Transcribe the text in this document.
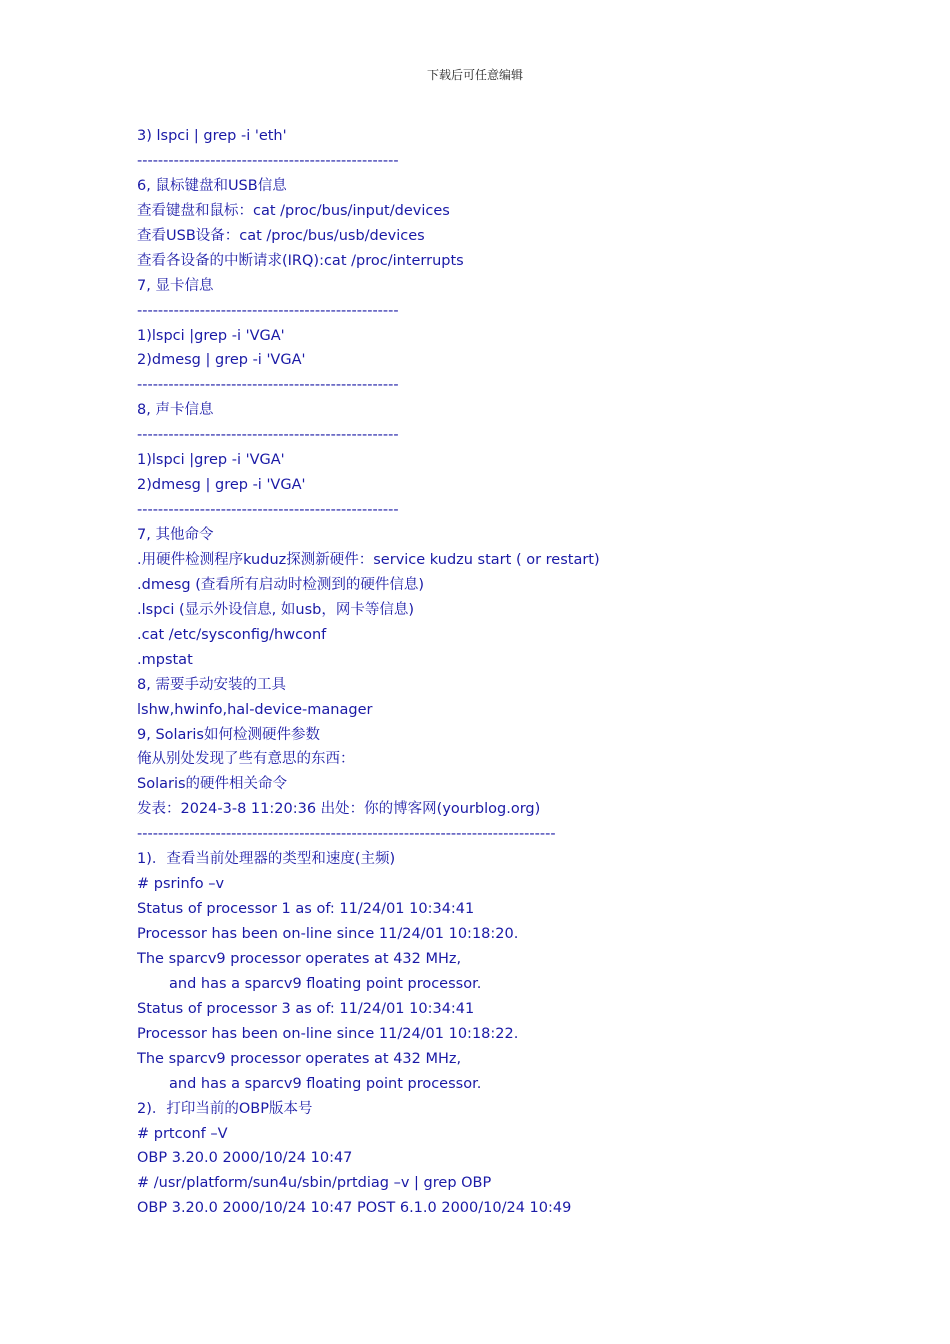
下载后可任意编辑
3) lspci | grep -i 'eth'
--------------------------------------------------
6, 鼠标键盘和USB信息
查看键盘和鼠标：cat /proc/bus/input/devices
查看USB设备：cat /proc/bus/usb/devices
查看各设备的中断请求(IRQ):cat /proc/interrupts
7, 显卡信息
--------------------------------------------------
1)lspci |grep -i 'VGA'
2)dmesg | grep -i 'VGA'
--------------------------------------------------
8, 声卡信息
--------------------------------------------------
1)lspci |grep -i 'VGA'
2)dmesg | grep -i 'VGA'
--------------------------------------------------
7, 其他命令
.用硬件检测程序kuduz探测新硬件：service kudzu start ( or restart)
.dmesg (查看所有启动时检测到的硬件信息)
.lspci (显示外设信息, 如usb，网卡等信息)
.cat /etc/sysconfig/hwconf
.mpstat
8, 需要手动安装的工具
lshw,hwinfo,hal-device-manager
9, Solaris如何检测硬件参数
俺从别处发现了些有意思的东西：
Solaris的硬件相关命令
发表：2024-3-8 11:20:36 出处：你的博客网(yourblog.org)
--------------------------------------------------------------------------------
1)．查看当前处理器的类型和速度(主频)
# psrinfo –v
Status of processor 1 as of: 11/24/01 10:34:41
Processor has been on-line since 11/24/01 10:18:20.
The sparcv9 processor operates at 432 MHz,
and has a sparcv9 floating point processor.
Status of processor 3 as of: 11/24/01 10:34:41
Processor has been on-line since 11/24/01 10:18:22.
The sparcv9 processor operates at 432 MHz,
and has a sparcv9 floating point processor.
2)．打印当前的OBP版本号
# prtconf –V
OBP 3.20.0 2000/10/24 10:47
# /usr/platform/sun4u/sbin/prtdiag –v | grep OBP
OBP 3.20.0 2000/10/24 10:47 POST 6.1.0 2000/10/24 10:49
